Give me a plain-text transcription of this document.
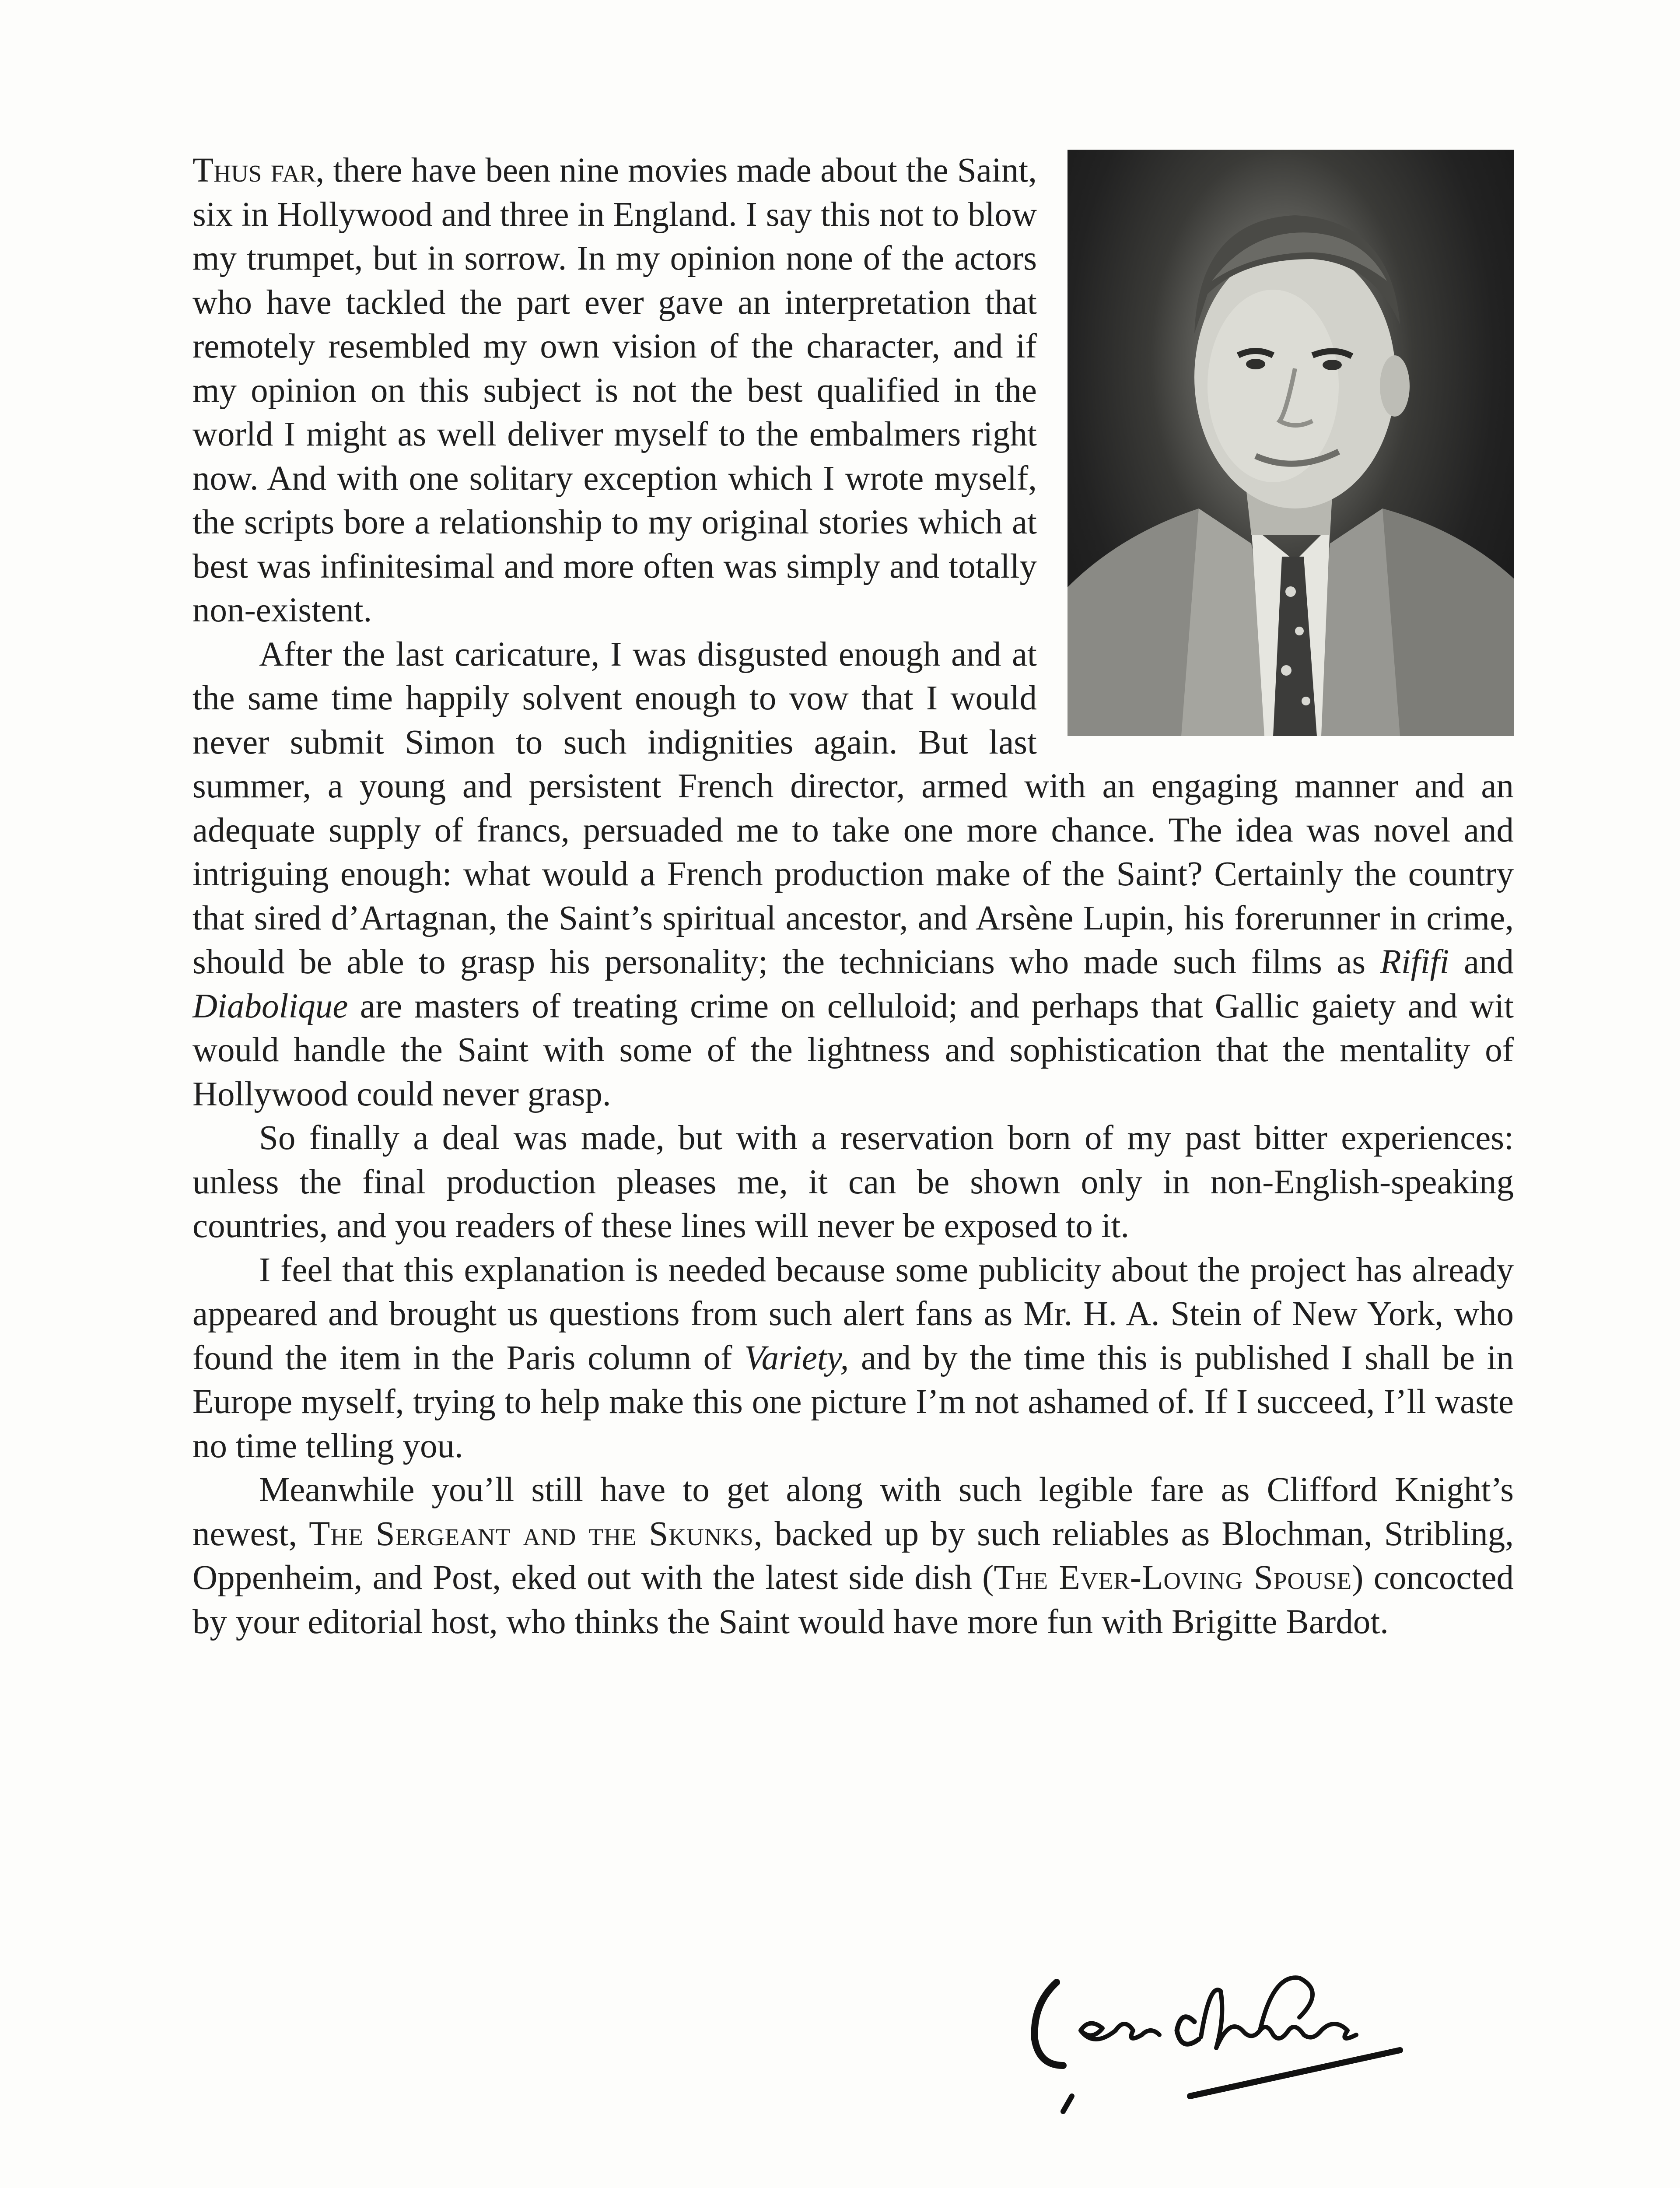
Thus far, there have been nine movies made about the Saint, six in Hollywood and three in England. I say this not to blow my trumpet, but in sorrow. In my opinion none of the actors who have tackled the part ever gave an interpretation that remotely resembled my own vision of the character, and if my opinion on this subject is not the best qualified in the world I might as well deliver myself to the embalmers right now. And with one solitary exception which I wrote myself, the scripts bore a relationship to my original stories which at best was infinitesimal and more often was simply and totally non-existent.

After the last caricature, I was disgusted enough and at the same time happily solvent enough to vow that I would never submit Simon to such indignities again. But last summer, a young and persistent French director, armed with an engaging manner and an adequate supply of francs, persuaded me to take one more chance. The idea was novel and intriguing enough: what would a French production make of the Saint? Certainly the country that sired d’Artagnan, the Saint’s spiritual ancestor, and Arsène Lupin, his forerunner in crime, should be able to grasp his personality; the technicians who made such films as Rififi and Diabolique are masters of treating crime on celluloid; and perhaps that Gallic gaiety and wit would handle the Saint with some of the lightness and sophistication that the mentality of Hollywood could never grasp.

So finally a deal was made, but with a reservation born of my past bitter experiences: unless the final production pleases me, it can be shown only in non-English-speaking countries, and you readers of these lines will never be exposed to it.

I feel that this explanation is needed because some publicity about the project has already appeared and brought us questions from such alert fans as Mr. H. A. Stein of New York, who found the item in the Paris column of Variety, and by the time this is published I shall be in Europe myself, trying to help make this one picture I’m not ashamed of. If I succeed, I’ll waste no time telling you.

Meanwhile you’ll still have to get along with such legible fare as Clifford Knight’s newest, The Sergeant and the Skunks, backed up by such reliables as Blochman, Stribling, Oppenheim, and Post, eked out with the latest side dish (The Ever-Loving Spouse) concocted by your editorial host, who thinks the Saint would have more fun with Brigitte Bardot.
